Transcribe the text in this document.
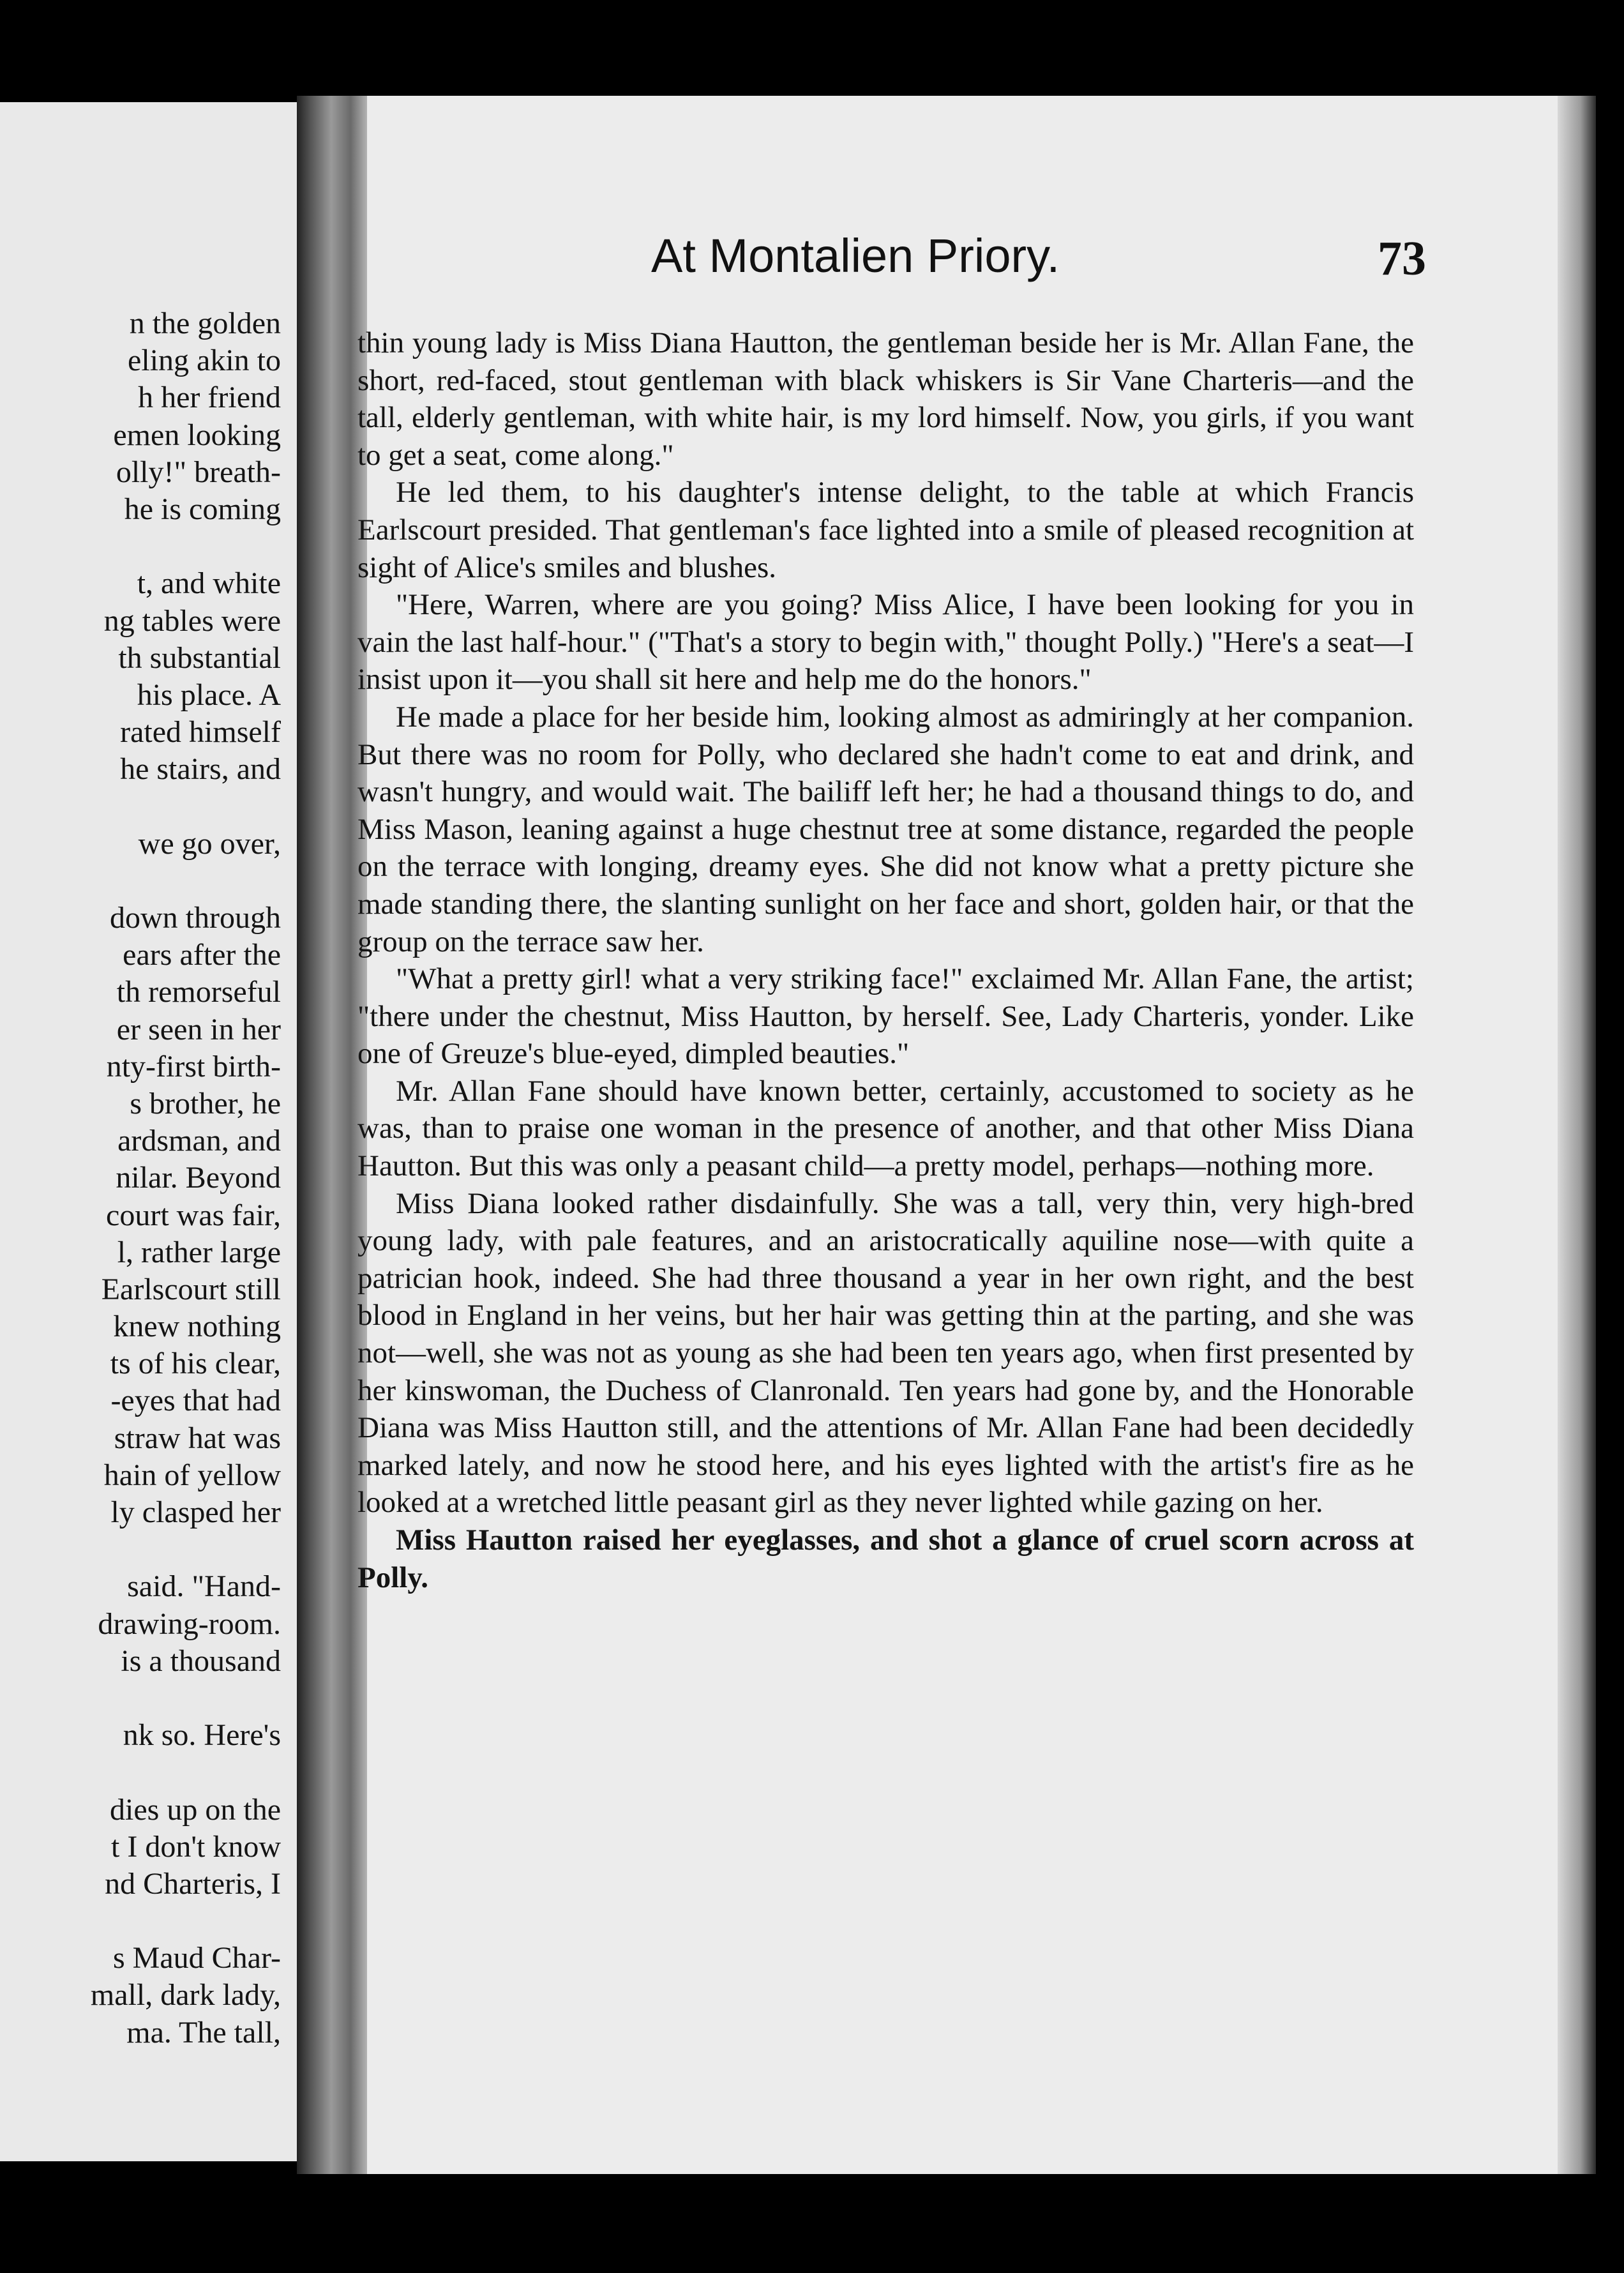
n the golden
eling akin to
h her friend
emen looking
olly!" breath-
he is coming
t, and white
ng tables were
th substantial
his place. A
rated himself
he stairs, and
we go over,
down through
ears after the
th remorseful
er seen in her
nty-first birth-
s brother, he
ardsman, and
nilar. Beyond
court was fair,
l, rather large
Earlscourt still
knew nothing
ts of his clear,
-eyes that had
straw hat was
hain of yellow
ly clasped her
said. "Hand-
drawing-room.
is a thousand
nk so. Here's
dies up on the
t I don't know
nd Charteris, I
s Maud Char-
mall, dark lady,
ma. The tall,
At Montalien Priory.	73

thin young lady is Miss Diana Hautton, the gentleman beside her is Mr. Allan Fane, the short, red-faced, stout gentleman with black whiskers is Sir Vane Charteris—and the tall, elderly gentleman, with white hair, is my lord himself. Now, you girls, if you want to get a seat, come along."

He led them, to his daughter's intense delight, to the table at which Francis Earlscourt presided. That gentleman's face lighted into a smile of pleased recognition at sight of Alice's smiles and blushes.

"Here, Warren, where are you going? Miss Alice, I have been looking for you in vain the last half-hour." ("That's a story to begin with," thought Polly.) "Here's a seat—I insist upon it—you shall sit here and help me do the honors."

He made a place for her beside him, looking almost as admiringly at her companion. But there was no room for Polly, who declared she hadn't come to eat and drink, and wasn't hungry, and would wait. The bailiff left her; he had a thousand things to do, and Miss Mason, leaning against a huge chestnut tree at some distance, regarded the people on the terrace with longing, dreamy eyes. She did not know what a pretty picture she made standing there, the slanting sunlight on her face and short, golden hair, or that the group on the terrace saw her.

"What a pretty girl! what a very striking face!" exclaimed Mr. Allan Fane, the artist; "there under the chestnut, Miss Hautton, by herself. See, Lady Charteris, yonder. Like one of Greuze's blue-eyed, dimpled beauties."

Mr. Allan Fane should have known better, certainly, accustomed to society as he was, than to praise one woman in the presence of another, and that other Miss Diana Hautton. But this was only a peasant child—a pretty model, perhaps—nothing more.

Miss Diana looked rather disdainfully. She was a tall, very thin, very high-bred young lady, with pale features, and an aristocratically aquiline nose—with quite a patrician hook, indeed. She had three thousand a year in her own right, and the best blood in England in her veins, but her hair was getting thin at the parting, and she was not—well, she was not as young as she had been ten years ago, when first presented by her kinswoman, the Duchess of Clanronald. Ten years had gone by, and the Honorable Diana was Miss Hautton still, and the attentions of Mr. Allan Fane had been decidedly marked lately, and now he stood here, and his eyes lighted with the artist's fire as he looked at a wretched little peasant girl as they never lighted while gazing on her.

Miss Hautton raised her eyeglasses, and shot a glance of cruel scorn across at Polly.
